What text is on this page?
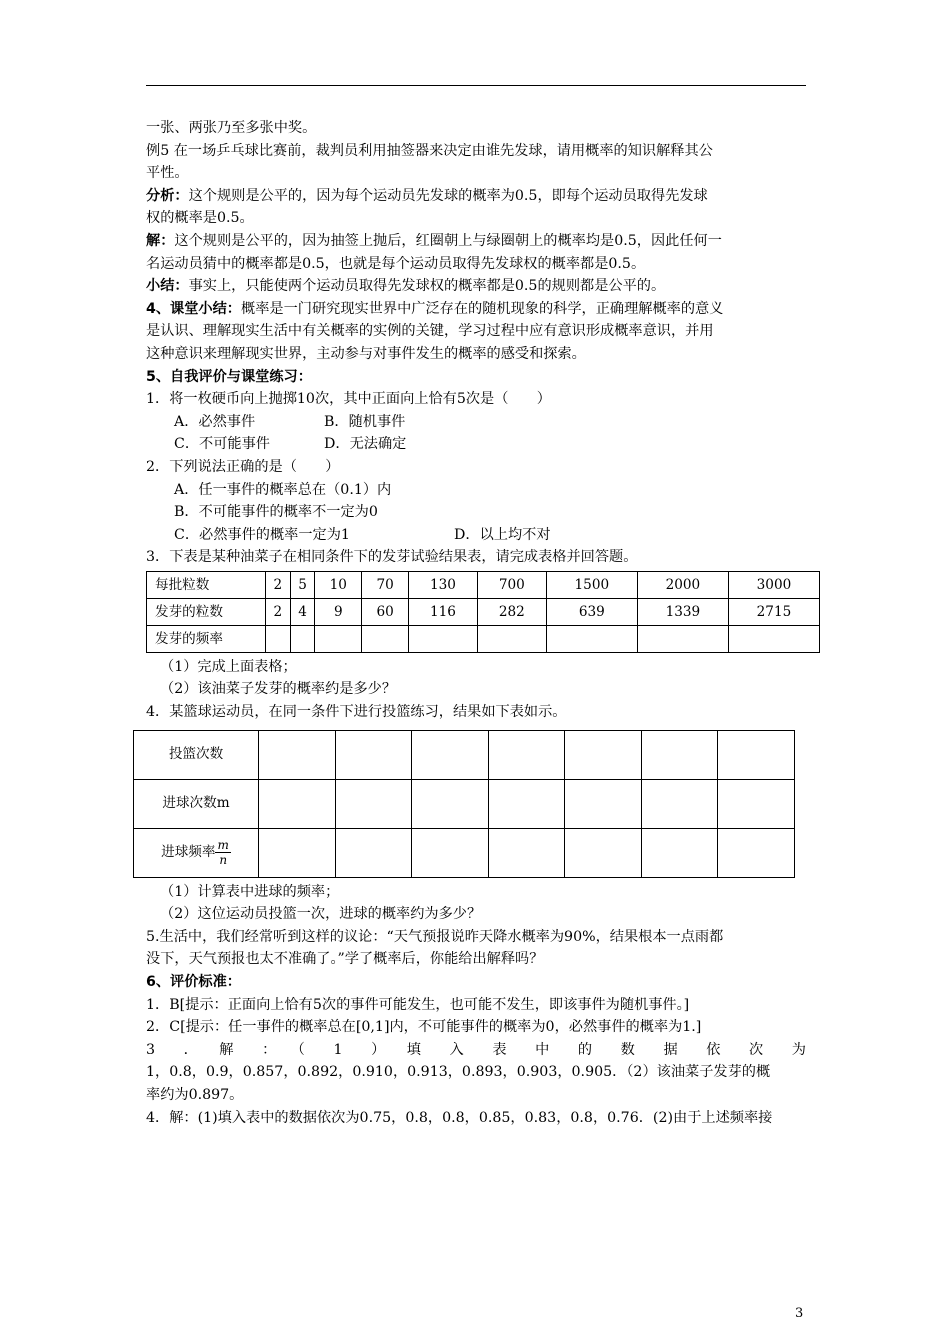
一张、两张乃至多张中奖。
例5 在一场乒乓球比赛前，裁判员利用抽签器来决定由谁先发球，请用概率的知识解释其公
平性。
分析：这个规则是公平的，因为每个运动员先发球的概率为0.5，即每个运动员取得先发球
权的概率是0.5。
解：这个规则是公平的，因为抽签上抛后，红圈朝上与绿圈朝上的概率均是0.5，因此任何一
名运动员猜中的概率都是0.5，也就是每个运动员取得先发球权的概率都是0.5。
小结：事实上，只能使两个运动员取得先发球权的概率都是0.5的规则都是公平的。
4、课堂小结：概率是一门研究现实世界中广泛存在的随机现象的科学，正确理解概率的意义
是认识、理解现实生活中有关概率的实例的关键，学习过程中应有意识形成概率意识，并用
这种意识来理解现实世界，主动参与对事件发生的概率的感受和探索。
5、自我评价与课堂练习：
1．将一枚硬币向上抛掷10次，其中正面向上恰有5次是（　　）
A．必然事件	B．随机事件
C．不可能事件	D．无法确定
2．下列说法正确的是（　　）
A．任一事件的概率总在（0.1）内
B．不可能事件的概率不一定为0
C．必然事件的概率一定为1	D．以上均不对
3．下表是某种油菜子在相同条件下的发芽试验结果表，请完成表格并回答题。
每批粒数	2	5	10	70	130	700	1500	2000	3000
发芽的粒数	2	4	9	60	116	282	639	1339	2715
发芽的频率									
（1）完成上面表格；
（2）该油菜子发芽的概率约是多少？
4．某篮球运动员，在同一条件下进行投篮练习，结果如下表如示。
投篮次数							
进球次数m							
进球频率 $\frac{m}{n}$

（1）计算表中进球的频率；
（2）这位运动员投篮一次，进球的概率约为多少？
5.生活中，我们经常听到这样的议论：“天气预报说昨天降水概率为90%，结果根本一点雨都
没下，天气预报也太不准确了。”学了概率后，你能给出解释吗？
6、评价标准：
1．B[提示：正面向上恰有5次的事件可能发生，也可能不发生，即该事件为随机事件。]
2．C[提示：任一事件的概率总在[0,1]内，不可能事件的概率为0，必然事件的概率为1.]
3　．　解　：　（　1　）　填　入　表　中　的　数　据　依　次　为
1，0.8，0.9，0.857，0.892，0.910，0.913，0.893，0.903，0.905．（2）该油菜子发芽的概
率约为0.897。
4．解：(1)填入表中的数据依次为0.75，0.8，0.8，0.85，0.83，0.8，0.76．(2)由于上述频率接
3
